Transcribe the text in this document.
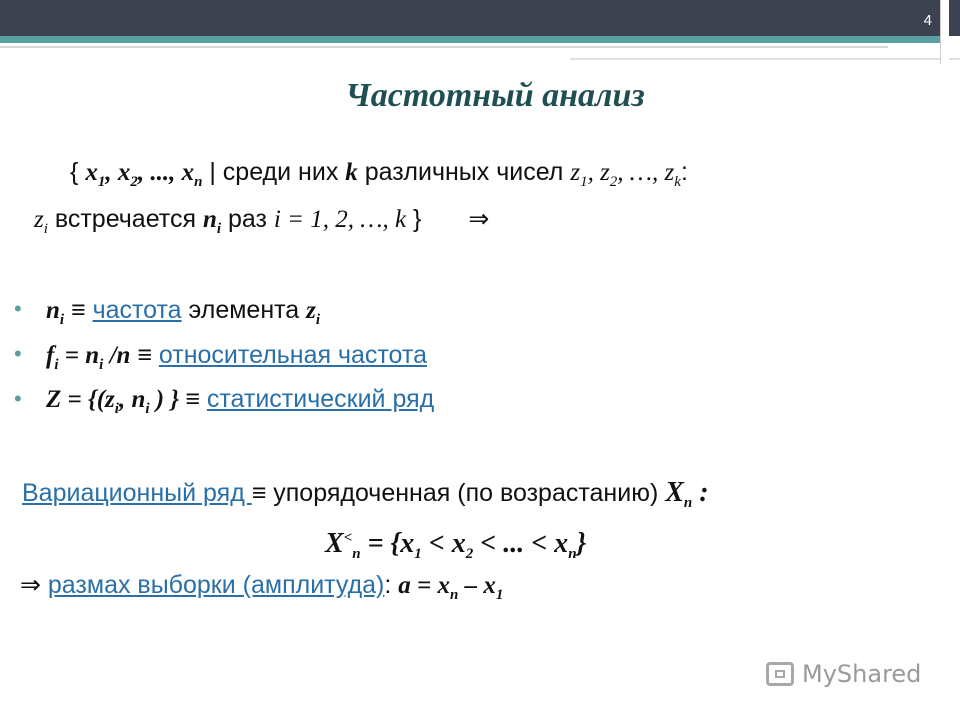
4
Частотный анализ
{ $x_1$, $x_2$, ..., $x_n$ | среди них k различных чисел $z_1$, $z_2$, …, $z_k$:
$z_i$ встречается $n_i$ раз i = 1, 2, …, k } ⇒
• $n_i$ ≡ частота элемента $z_i$
• $f_i = n_i$ /n ≡ относительная частота
• $Z = \{(z_i$, $n_i$ ) } ≡ статистический ряд
Вариационный ряд ≡ упорядоченная (по возрастанию) $X_n$ :
$X^<_n = \{x_1 < x_2$ < ... < $x_n$}
⇒ размах выборки (амплитуда): $a = x_n - x_1$
MyShared
